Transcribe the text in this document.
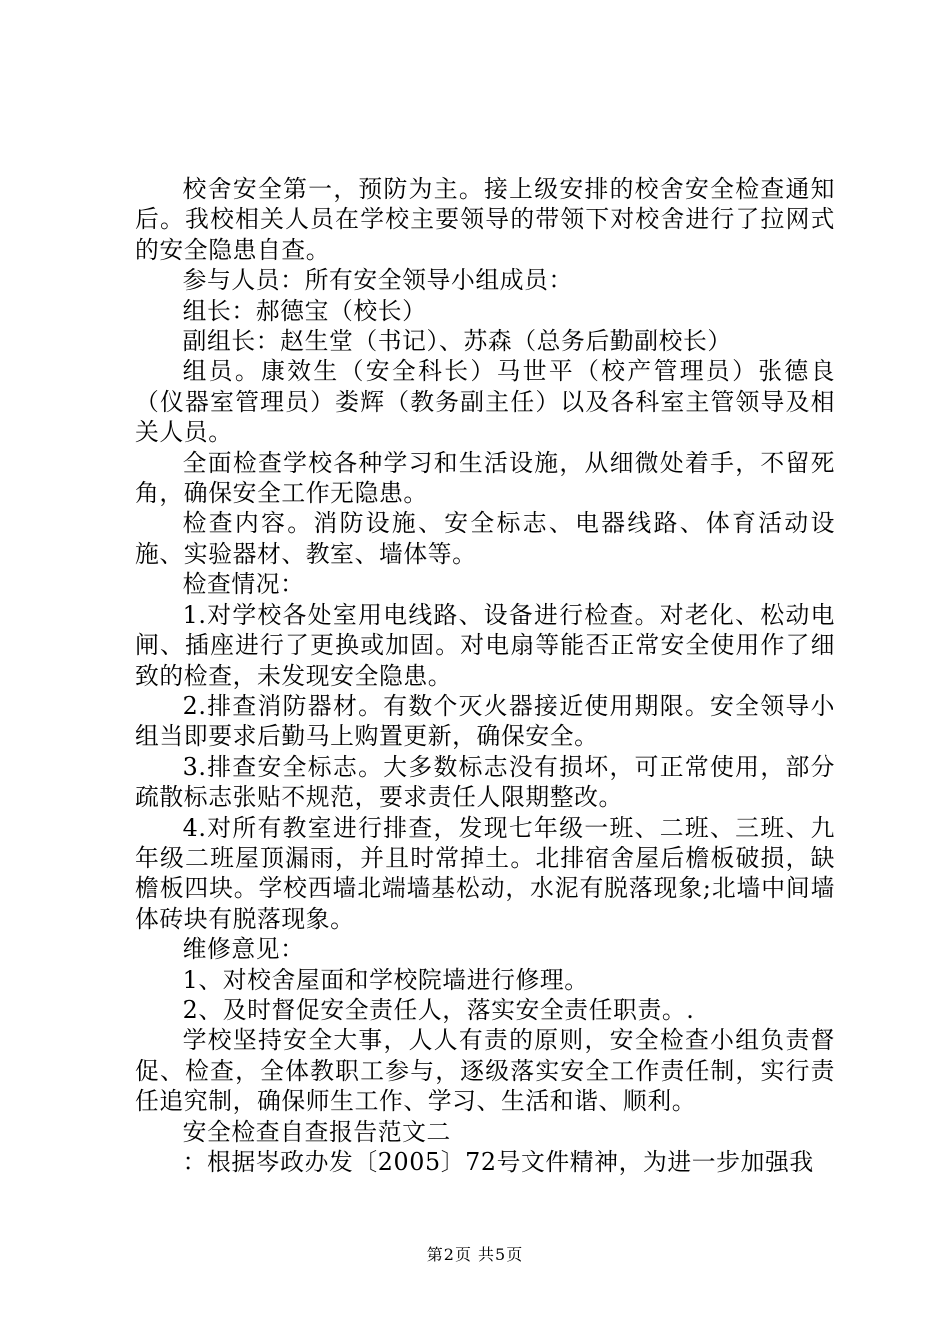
校舍安全第一，预防为主。接上级安排的校舍安全检查通知后。我校相关人员在学校主要领导的带领下对校舍进行了拉网式的安全隐患自查。

参与人员：所有安全领导小组成员：

组长：郝德宝（校长）

副组长：赵生堂（书记）、苏森（总务后勤副校长）

组员。康效生（安全科长）马世平（校产管理员）张德良（仪器室管理员）娄辉（教务副主任）以及各科室主管领导及相关人员。

全面检查学校各种学习和生活设施，从细微处着手，不留死角，确保安全工作无隐患。

检查内容。消防设施、安全标志、电器线路、体育活动设施、实验器材、教室、墙体等。

检查情况：

1.对学校各处室用电线路、设备进行检查。对老化、松动电闸、插座进行了更换或加固。对电扇等能否正常安全使用作了细致的检查，未发现安全隐患。

2.排查消防器材。有数个灭火器接近使用期限。安全领导小组当即要求后勤马上购置更新，确保安全。

3.排查安全标志。大多数标志没有损坏，可正常使用，部分疏散标志张贴不规范，要求责任人限期整改。

4.对所有教室进行排查，发现七年级一班、二班、三班、九年级二班屋顶漏雨，并且时常掉土。北排宿舍屋后檐板破损，缺檐板四块。学校西墙北端墙基松动，水泥有脱落现象;北墙中间墙体砖块有脱落现象。

维修意见：

1、对校舍屋面和学校院墙进行修理。

2、及时督促安全责任人，落实安全责任职责。.

学校坚持安全大事，人人有责的原则，安全检查小组负责督促、检查，全体教职工参与，逐级落实安全工作责任制，实行责任追究制，确保师生工作、学习、生活和谐、顺利。

安全检查自查报告范文二

：根据岑政办发〔2005〕72号文件精神，为进一步加强我

第2页 共5页
